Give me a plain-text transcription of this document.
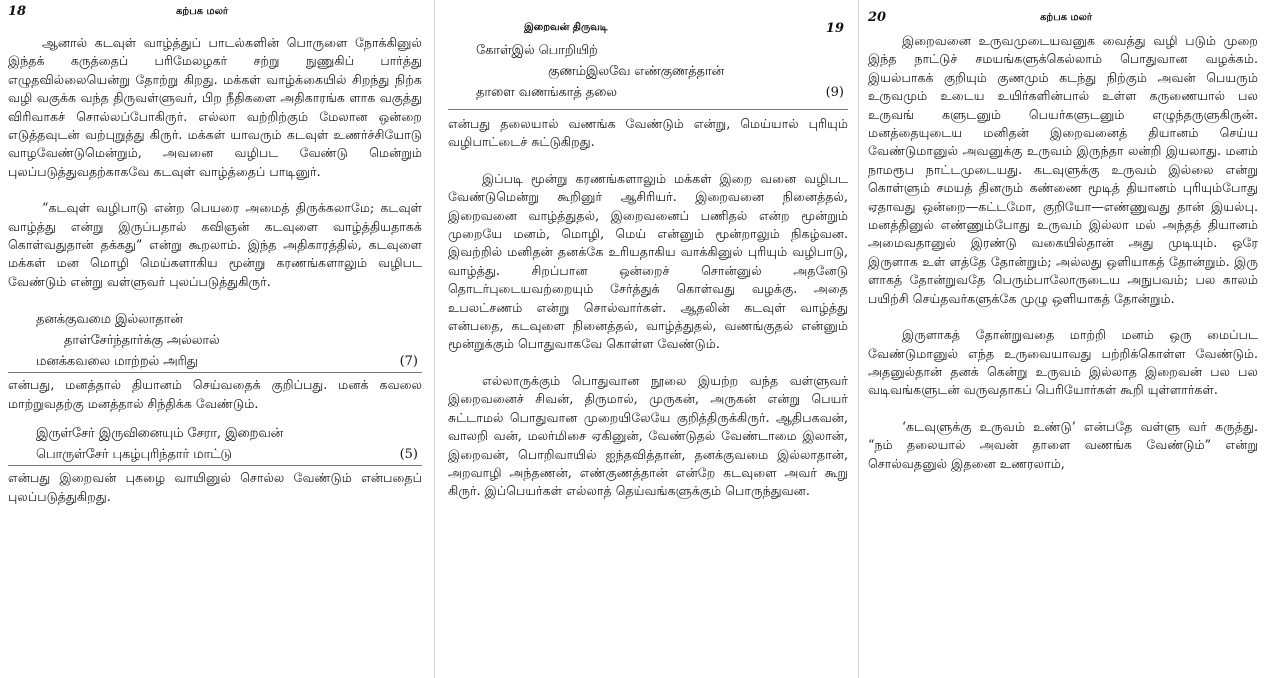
18	கற்பக மலர்

ஆனால் கடவுள் வாழ்த்துப் பாடல்களின் பொருளை நோக்கினுல் இந்தக் கருத்தைப் பரிமேலழகர் சற்று நுணுகிப் பார்த்து எழுதவில்லையென்று தோற்று கிறது. மக்கள் வாழ்க்கையில் சிறந்து நிற்க வழி வகுக்க வந்த திருவள்ளுவர், பிற நீதிகளை அதிகாரங்க ளாக வகுத்து விரிவாகச் சொல்லப்போகிருர். எல்லா வற்றிற்கும் மேலான ஒன்றை எடுத்தவுடன் வற்புறுத்து கிருர். மக்கள் யாவரும் கடவுள் உணர்ச்சியோடு வாழவேண்டுமென்றும், அவனை வழிபட வேண்டு மென்றும் புலப்படுத்துவதற்காகவே கடவுள் வாழ்த்தைப் பாடினுர்.

“கடவுள் வழிபாடு என்ற பெயரை அமைத் திருக்கலாமே; கடவுள் வாழ்த்து என்று இருப்பதால் கவிஞன் கடவுளை வாழ்த்தியதாகக் கொள்வதுதான் தக்கது” என்று கூறலாம். இந்த அதிகாரத்தில், கடவுளை மக்கள் மன மொழி மெய்களாகிய மூன்று கரணங்களாலும் வழிபட வேண்டும் என்று வள்ளுவர் புலப்படுத்துகிருர்.

தனக்குவமை இல்லாதான்
தாள்சேர்ந்தார்க்கு அல்லால்
மனக்கவலை மாற்றல் அரிது	(7)

என்பது, மனத்தால் தியானம் செய்வதைக் குறிப்பது. மனக் கவலை மாற்றுவதற்கு மனத்தால் சிந்திக்க வேண்டும்.

இருள்சேர் இருவினையும் சேரா, இறைவன்
பொருள்சேர் புகழ்புரிந்தார் மாட்டு	(5)

என்பது இறைவன் புகழை வாயினுல் சொல்ல வேண்டும் என்பதைப் புலப்படுத்துகிறது.

இறைவன் திருவடி	19
கோள்இல் பொறியிற்
குணம்இலவே எண்குணத்தான்
தாளை வணங்காத் தலை	(9)

என்பது தலையால் வணங்க வேண்டும் என்று, மெய்யால் புரியும் வழிபாட்டைச் சுட்டுகிறது.

இப்படி மூன்று கரணங்களாலும் மக்கள் இறை வனை வழிபட வேண்டுமென்று கூறினுர் ஆசிரியர். இறைவனை நினைத்தல், இறைவனை வாழ்த்துதல், இறைவனைப் பணிதல் என்ற மூன்றும் முறையே மனம், மொழி, மெய் என்னும் மூன்றாலும் நிகழ்வன. இவற்றில் மனிதன் தனக்கே உரியதாகிய வாக்கினுல் புரியும் வழிபாடு, வாழ்த்து. சிறப்பான ஒன்றைச் சொன்னுல் அதனேடு தொடர்புடையவற்றையும் சேர்த்துக் கொள்வது வழக்கு. அதை உபலட்சணம் என்று சொல்வார்கள். ஆதலின் கடவுள் வாழ்த்து என்பதை, கடவுளை நினைத்தல், வாழ்த்துதல், வணங்குதல் என்னும் மூன்றுக்கும் பொதுவாகவே கொள்ள வேண்டும்.

எல்லாருக்கும் பொதுவான நூலை இயற்ற வந்த வள்ளுவர் இறைவனைச் சிவன், திருமால், முருகன், அருகன் என்று பெயர் சுட்டாமல் பொதுவான முறையிலேயே குறித்திருக்கிருர். ஆதிபகவன், வாலறி வன், மலர்மிசை ஏகினுன், வேண்டுதல் வேண்டாமை இலான், இறைவன், பொறிவாயில் ஐந்தவித்தான், தனக்குவமை இல்லாதான், அறவாழி அந்தணன், எண்குணத்தான் என்றே கடவுளை அவர் கூறு கிருர். இப்பெயர்கள் எல்லாத் தெய்வங்களுக்கும் பொருந்துவன.

20	கற்பக மலர்

இறைவனை உருவமுடையவனுக வைத்து வழி படும் முறை இந்த நாட்டுச் சமயங்களுக்கெல்லாம் பொதுவான வழக்கம். இயல்பாகக் குறியும் குணமும் கடந்து நிற்கும் அவன் பெயரும் உருவமும் உடைய உயிர்களின்பால் உள்ள கருணையால் பல உருவங் களுடனும் பெயர்களுடனும் எழுந்தருளுகிருன். மனத்தையுடைய மனிதன் இறைவனைத் தியானம் செய்ய வேண்டுமானுல் அவனுக்கு உருவம் இருந்தா லன்றி இயலாது. மனம் நாமரூப நாட்டமுடையது. கடவுளுக்கு உருவம் இல்லை என்று கொள்ளும் சமயத் தினரும் கண்ணை மூடித் தியானம் புரியும்போது ஏதாவது ஒன்றை—கட்டமோ, குறியோ—எண்ணுவது தான் இயல்பு. மனத்தினுல் எண்ணும்போது உருவம் இல்லா மல் அந்தத் தியானம் அமைவதானுல் இரண்டு வகையில்தான் அது முடியும். ஒரே இருளாக உள் ளத்தே தோன்றும்; அல்லது ஒளியாகத் தோன்றும். இரு ளாகத் தோன்றுவதே பெரும்பாலோருடைய அநுபவம்; பல காலம் பயிற்சி செய்தவர்களுக்கே முழு ஒளியாகத் தோன்றும்.

இருளாகத் தோன்றுவதை மாற்றி மனம் ஒரு மைப்பட வேண்டுமானுல் எந்த உருவையாவது பற்றிக்கொள்ள வேண்டும். அதனுல்தான் தனக் கென்று உருவம் இல்லாத இறைவன் பல பல வடிவங்களுடன் வருவதாகப் பெரியோர்கள் கூறி யுள்ளார்கள்.

‘கடவுளுக்கு உருவம் உண்டு’ என்பதே வள்ளு வர் கருத்து. “நம் தலையால் அவன் தாளை வணங்க வேண்டும்” என்று சொல்வதனுல் இதனை உணரலாம்,
